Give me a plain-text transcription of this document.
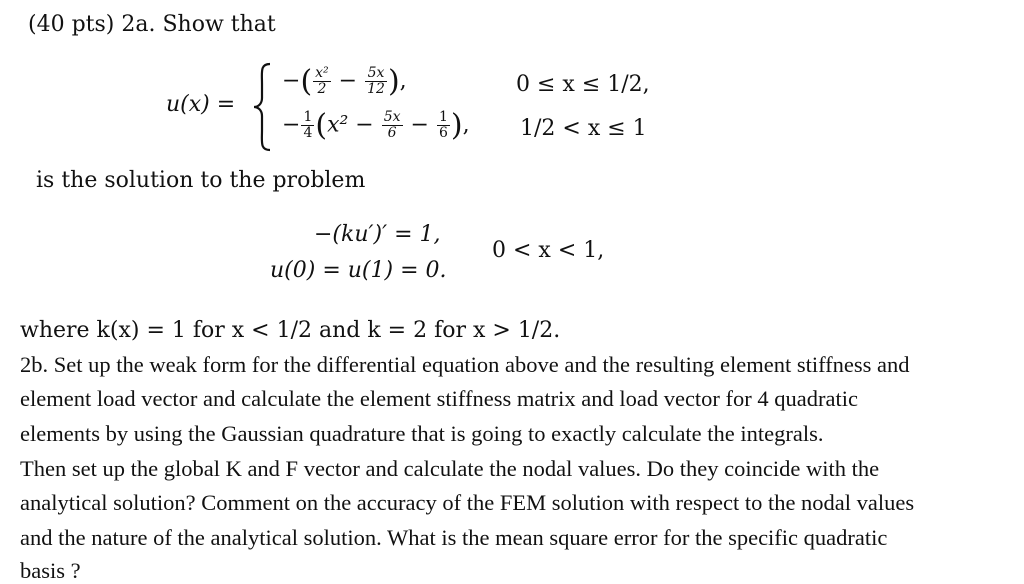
(40 pts) 2a. Show that
u(x) =
−( $\frac{\text{x²}}{2} - \frac{5x}{12}$ ),	0 ≤ x ≤ 1/2,
− $\frac{1}{4} (x^2 - \frac{5x}{6} - \frac{1}{6}$ ), 1/2 < x ≤ 1
is the solution to the problem
−(ku′)′ = 1,
0 < x < 1,
u(0) = u(1) = 0.
where k(x) = 1 for x < 1/2 and k = 2 for x > 1/2.
2b. Set up the weak form for the differential equation above and the resulting element stiffness and
element load vector and calculate the element stiffness matrix and load vector for 4 quadratic
elements by using the Gaussian quadrature that is going to exactly calculate the integrals.
Then set up the global K and F vector and calculate the nodal values. Do they coincide with the
analytical solution? Comment on the accuracy of the FEM solution with respect to the nodal values
and the nature of the analytical solution. What is the mean square error for the specific quadratic
basis ?
